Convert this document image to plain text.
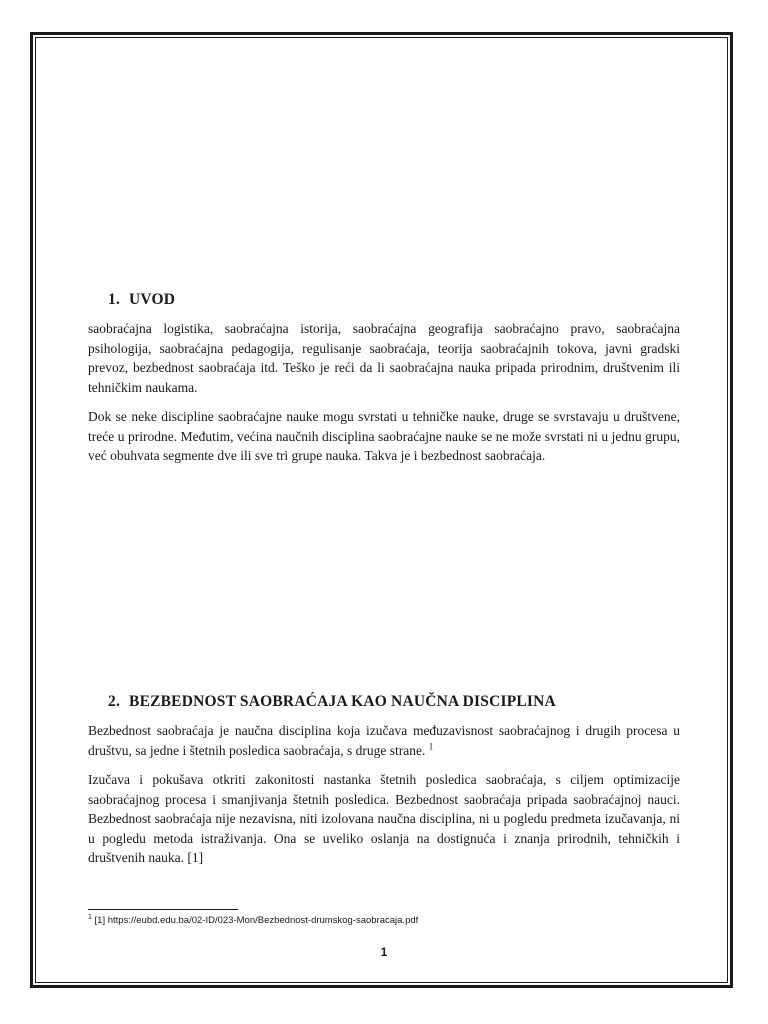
1. UVOD

saobraćajna logistika, saobraćajna istorija, saobraćajna geografija saobraćajno pravo, saobraćajna psihologija, saobraćajna pedagogija, regulisanje saobraćaja, teorija saobraćajnih tokova, javni gradski prevoz, bezbednost saobraćaja itd. Teško je reći da li saobraćajna nauka pripada prirodnim, društvenim ili tehničkim naukama.

Dok se neke discipline saobraćajne nauke mogu svrstati u tehničke nauke, druge se svrstavaju u društvene, treće u prirodne. Međutim, većina naučnih disciplina saobraćajne nauke se ne može svrstati ni u jednu grupu, već obuhvata segmente dve ili sve tri grupe nauka. Takva je i bezbednost saobraćaja.

2. BEZBEDNOST SAOBRAĆAJA KAO NAUČNA DISCIPLINA

Bezbednost saobraćaja je naučna disciplina koja izučava međuzavisnost saobraćajnog i drugih procesa u društvu, sa jedne i štetnih posledica saobraćaja, s druge strane. $^1$

Izučava i pokušava otkriti zakonitosti nastanka štetnih posledica saobraćaja, s ciljem optimizacije saobraćajnog procesa i smanjivanja štetnih posledica. Bezbednost saobraćaja pripada saobraćajnoj nauci. Bezbednost saobraćaja nije nezavisna, niti izolovana naučna disciplina, ni u pogledu predmeta izučavanja, ni u pogledu metoda istraživanja. Ona se uveliko oslanja na dostignuća i znanja prirodnih, tehničkih i društvenih nauka. [1]

$^1$ [1] https://eubd.edu.ba/02-ID/023-Mon/Bezbednost-drumskog-saobracaja.pdf
1
